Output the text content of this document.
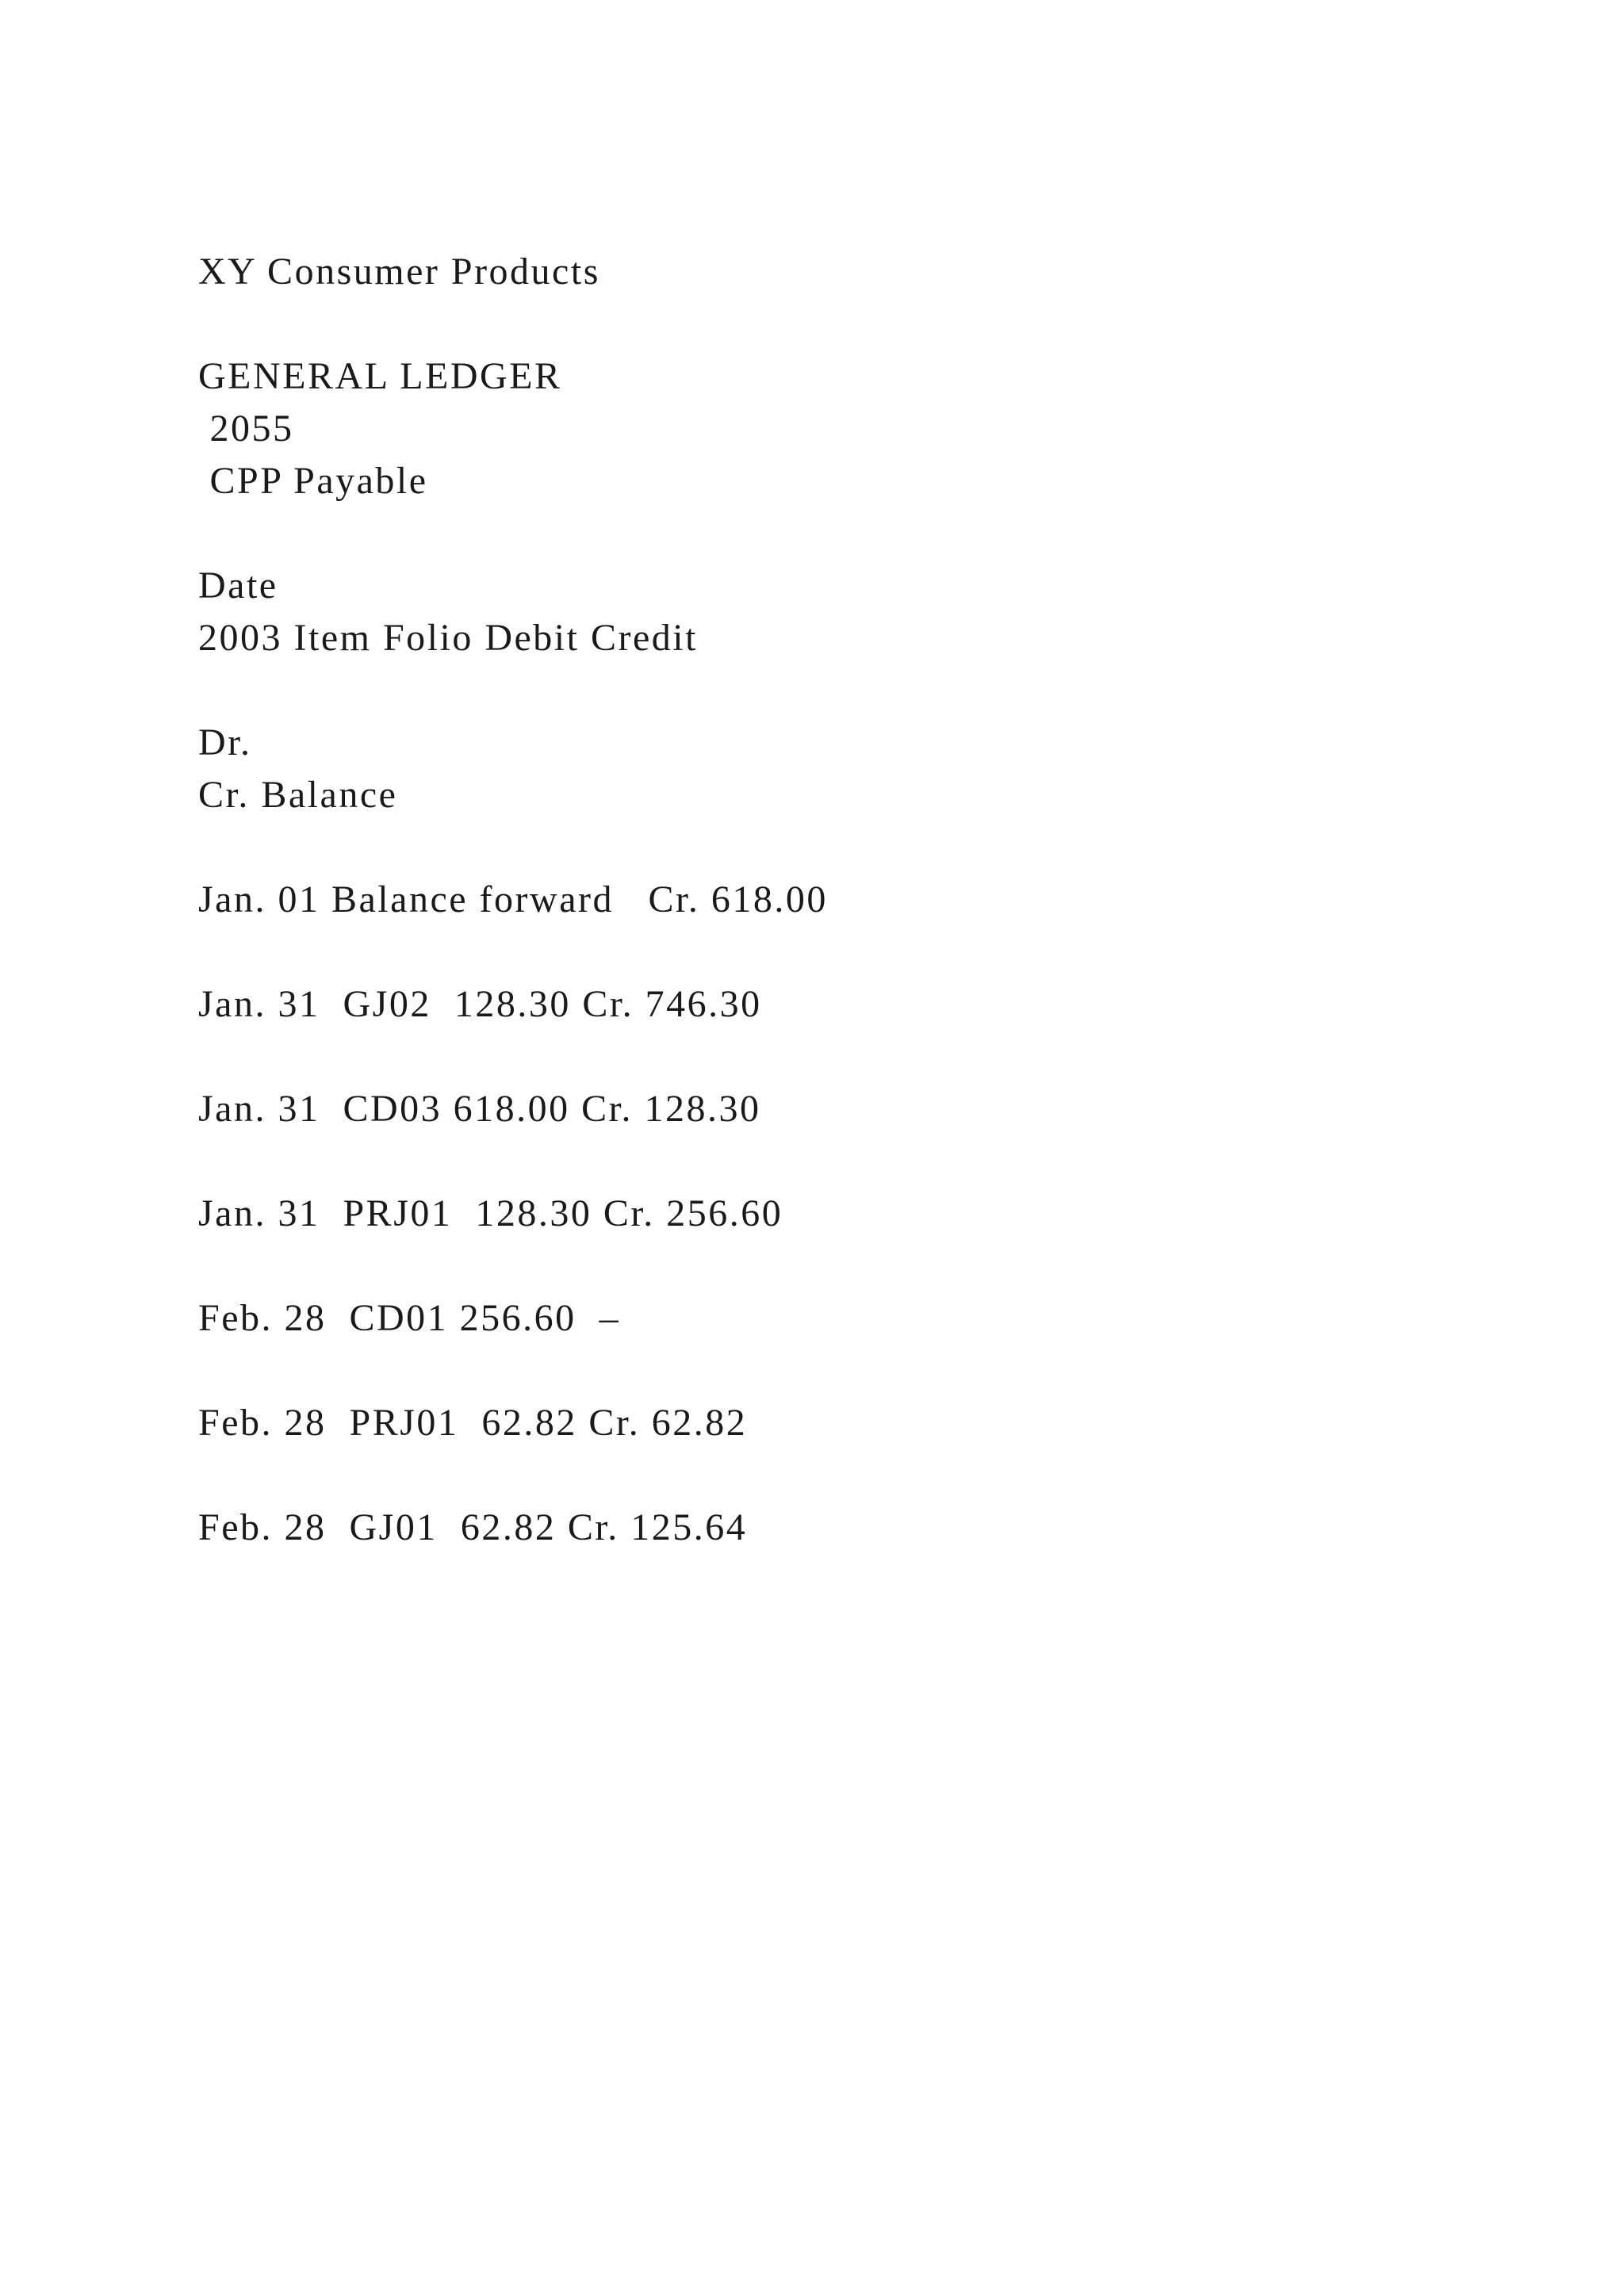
XY Consumer Products
GENERAL LEDGER
2055
CPP Payable
Date
2003 Item Folio Debit Credit
Dr.
Cr. Balance
Jan. 01 Balance forward   Cr. 618.00
Jan. 31  GJ02  128.30 Cr. 746.30
Jan. 31  CD03 618.00 Cr. 128.30
Jan. 31  PRJ01  128.30 Cr. 256.60
Feb. 28  CD01 256.60  –
Feb. 28  PRJ01  62.82 Cr. 62.82
Feb. 28  GJ01  62.82 Cr. 125.64
